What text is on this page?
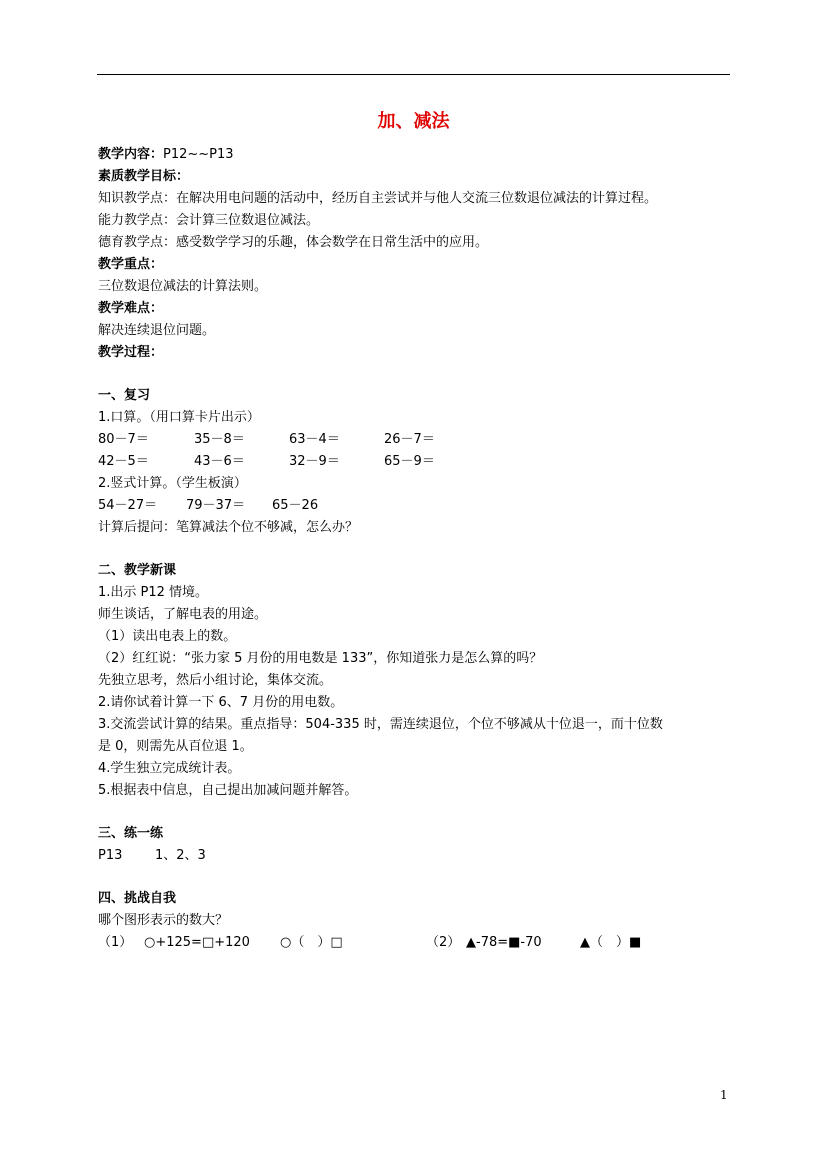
加、减法
教学内容：P12~~P13
素质教学目标：
知识教学点：在解决用电问题的活动中，经历自主尝试并与他人交流三位数退位减法的计算过程。
能力教学点：会计算三位数退位减法。
德育教学点：感受数学学习的乐趣，体会数学在日常生活中的应用。
教学重点：
三位数退位减法的计算法则。
教学难点：
解决连续退位问题。
教学过程：
一、复习
1.口算。（用口算卡片出示）
80－7＝	35－8＝	63－4＝	26－7＝
42－5＝	43－6＝	32－9＝	65－9＝
2.竖式计算。（学生板演）
54－27＝ 79－37＝ 65－26
计算后提问：笔算减法个位不够减，怎么办？
二、教学新课
1.出示 P12 情境。
师生谈话，了解电表的用途。
（1）读出电表上的数。
（2）红红说：“张力家 5 月份的用电数是 133”，你知道张力是怎么算的吗？
先独立思考，然后小组讨论，集体交流。
2.请你试着计算一下 6、7 月份的用电数。
3.交流尝试计算的结果。重点指导：504-335 时，需连续退位，个位不够减从十位退一，而十位数
是 0，则需先从百位退 1。
4.学生独立完成统计表。
5.根据表中信息，自己提出加减问题并解答。
三、练一练
P13	1、2、3
四、挑战自我
哪个图形表示的数大？
（1） ○+125=□+120 ○（　）□	（2） ▲-78=■-70	▲（　）■
1
